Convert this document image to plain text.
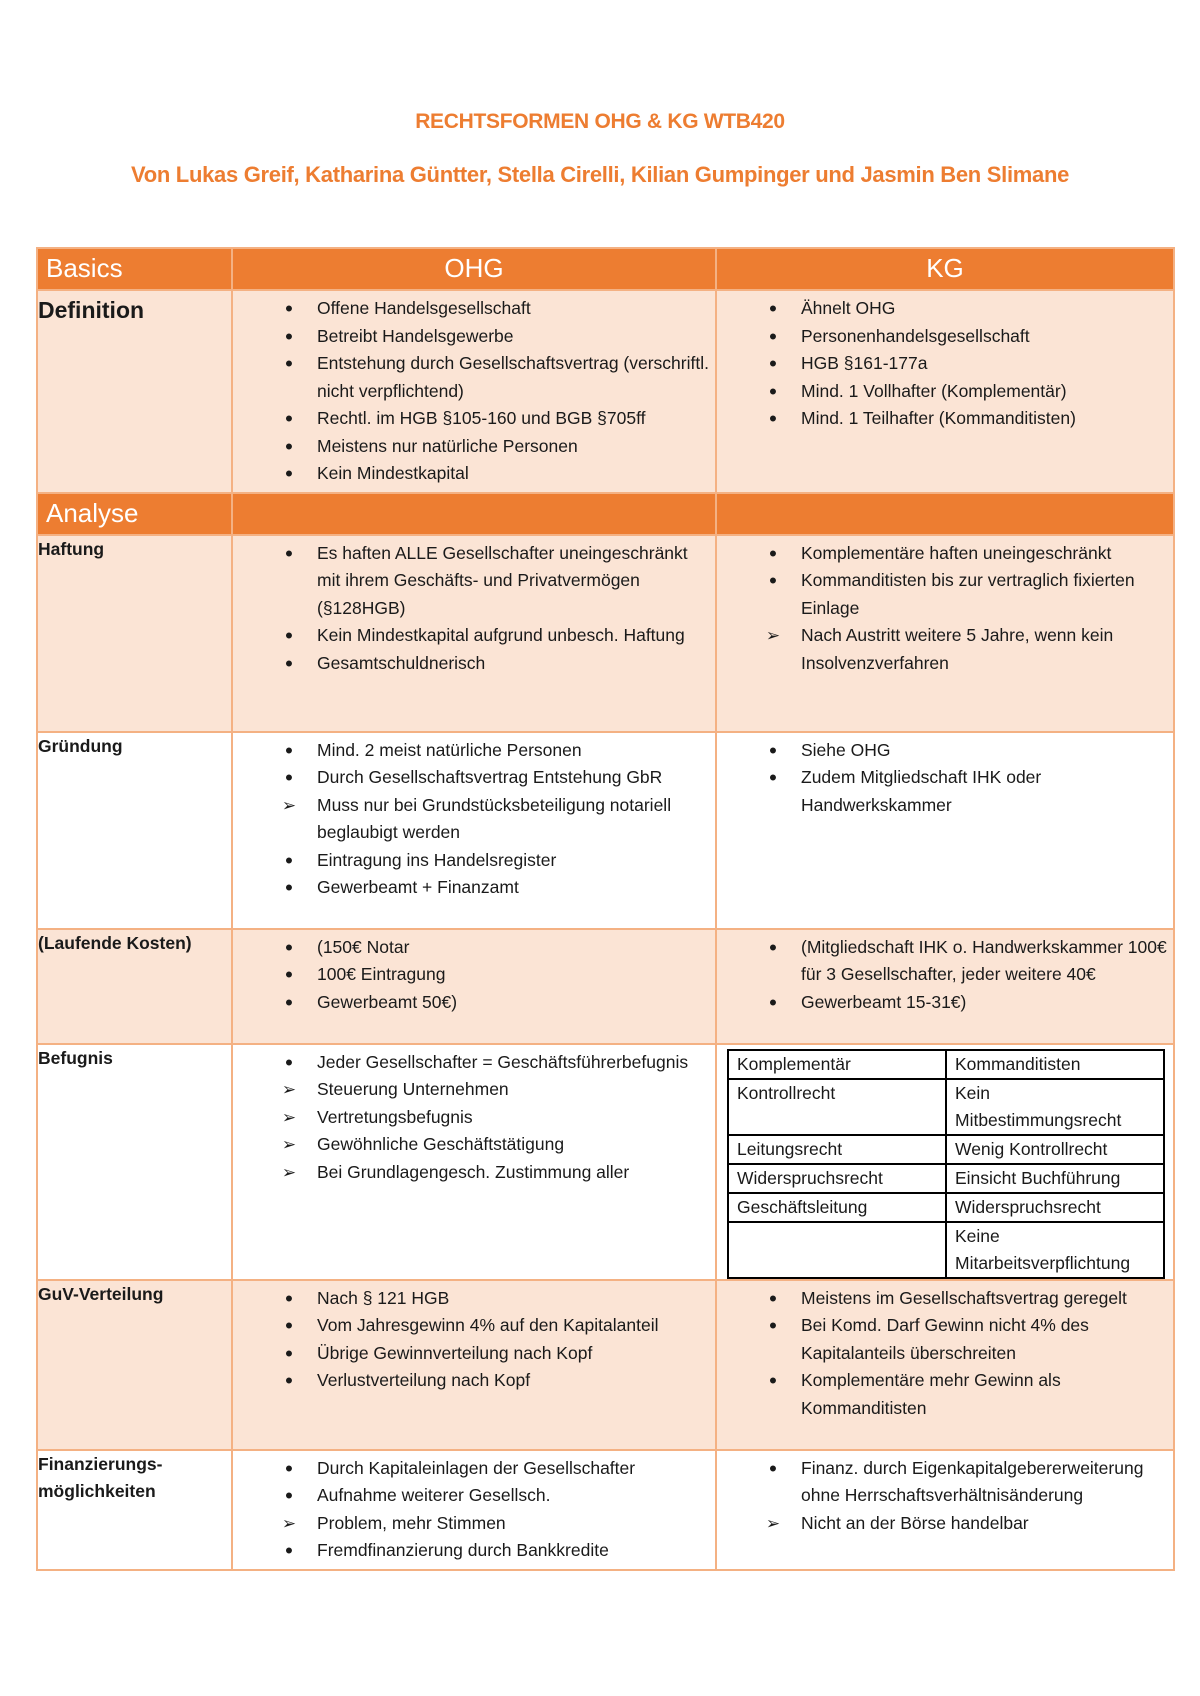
RECHTSFORMEN OHG & KG WTB420
Von Lukas Greif, Katharina Güntter, Stella Cirelli, Kilian Gumpinger und Jasmin Ben Slimane
Basics	OHG	KG
Definition	•	Offene Handelsgesellschaft
•	Betreibt Handelsgewerbe
•	Entstehung durch Gesellschaftsvertrag (verschriftl. nicht verpflichtend)
•	Rechtl. im HGB §105-160 und BGB §705ff
•	Meistens nur natürliche Personen
•	Kein Mindestkapital

•	Ähnelt OHG
•	Personenhandelsgesellschaft
•	HGB §161-177a
•	Mind. 1 Vollhafter (Komplementär)
•	Mind. 1 Teilhafter (Kommanditisten)

Analyse		
Haftung	•	Es haften ALLE Gesellschafter uneingeschränkt mit ihrem Geschäfts- und Privatvermögen (§128HGB)
•	Kein Mindestkapital aufgrund unbesch. Haftung
•	Gesamtschuldnerisch

•	Komplementäre haften uneingeschränkt
•	Kommanditisten bis zur vertraglich fixierten Einlage
➢ Nach Austritt weitere 5 Jahre, wenn kein Insolvenzverfahren

Gründung	•	Mind. 2 meist natürliche Personen
•	Durch Gesellschaftsvertrag Entstehung GbR
➢ Muss nur bei Grundstücksbeteiligung notariell beglaubigt werden
•	Eintragung ins Handelsregister
•	Gewerbeamt + Finanzamt

•	Siehe OHG
•	Zudem Mitgliedschaft IHK oder Handwerkskammer

(Laufende Kosten)	•	(150€ Notar
•	100€ Eintragung
•	Gewerbeamt 50€)

•	(Mitgliedschaft IHK o. Handwerkskammer 100€ für 3 Gesellschafter, jeder weitere 40€
•	Gewerbeamt 15-31€)

Befugnis	•	Jeder Gesellschafter = Geschäftsführerbefugnis
➢ Steuerung Unternehmen
➢ Vertretungsbefugnis
➢ Gewöhnliche Geschäftstätigung
➢ Bei Grundlagengesch. Zustimmung aller

Komplementär	Kommanditisten
Kontrollrecht	Kein Mitbestimmungsrecht
Leitungsrecht	Wenig Kontrollrecht
Widerspruchsrecht	Einsicht Buchführung
Geschäftsleitung	Widerspruchsrecht
	Keine Mitarbeitsverpflichtung

GuV-Verteilung	•	Nach § 121 HGB
•	Vom Jahresgewinn 4% auf den Kapitalanteil
•	Übrige Gewinnverteilung nach Kopf
•	Verlustverteilung nach Kopf

•	Meistens im Gesellschaftsvertrag geregelt
•	Bei Komd. Darf Gewinn nicht 4% des Kapitalanteils überschreiten
•	Komplementäre mehr Gewinn als Kommanditisten

Finanzierungs-
möglichkeiten

•	Durch Kapitaleinlagen der Gesellschafter
•	Aufnahme weiterer Gesellsch.
➢ Problem, mehr Stimmen
•	Fremdfinanzierung durch Bankkredite

•	Finanz. durch Eigenkapitalgebererweiterung ohne Herrschaftsverhältnisänderung
➢ Nicht an der Börse handelbar
